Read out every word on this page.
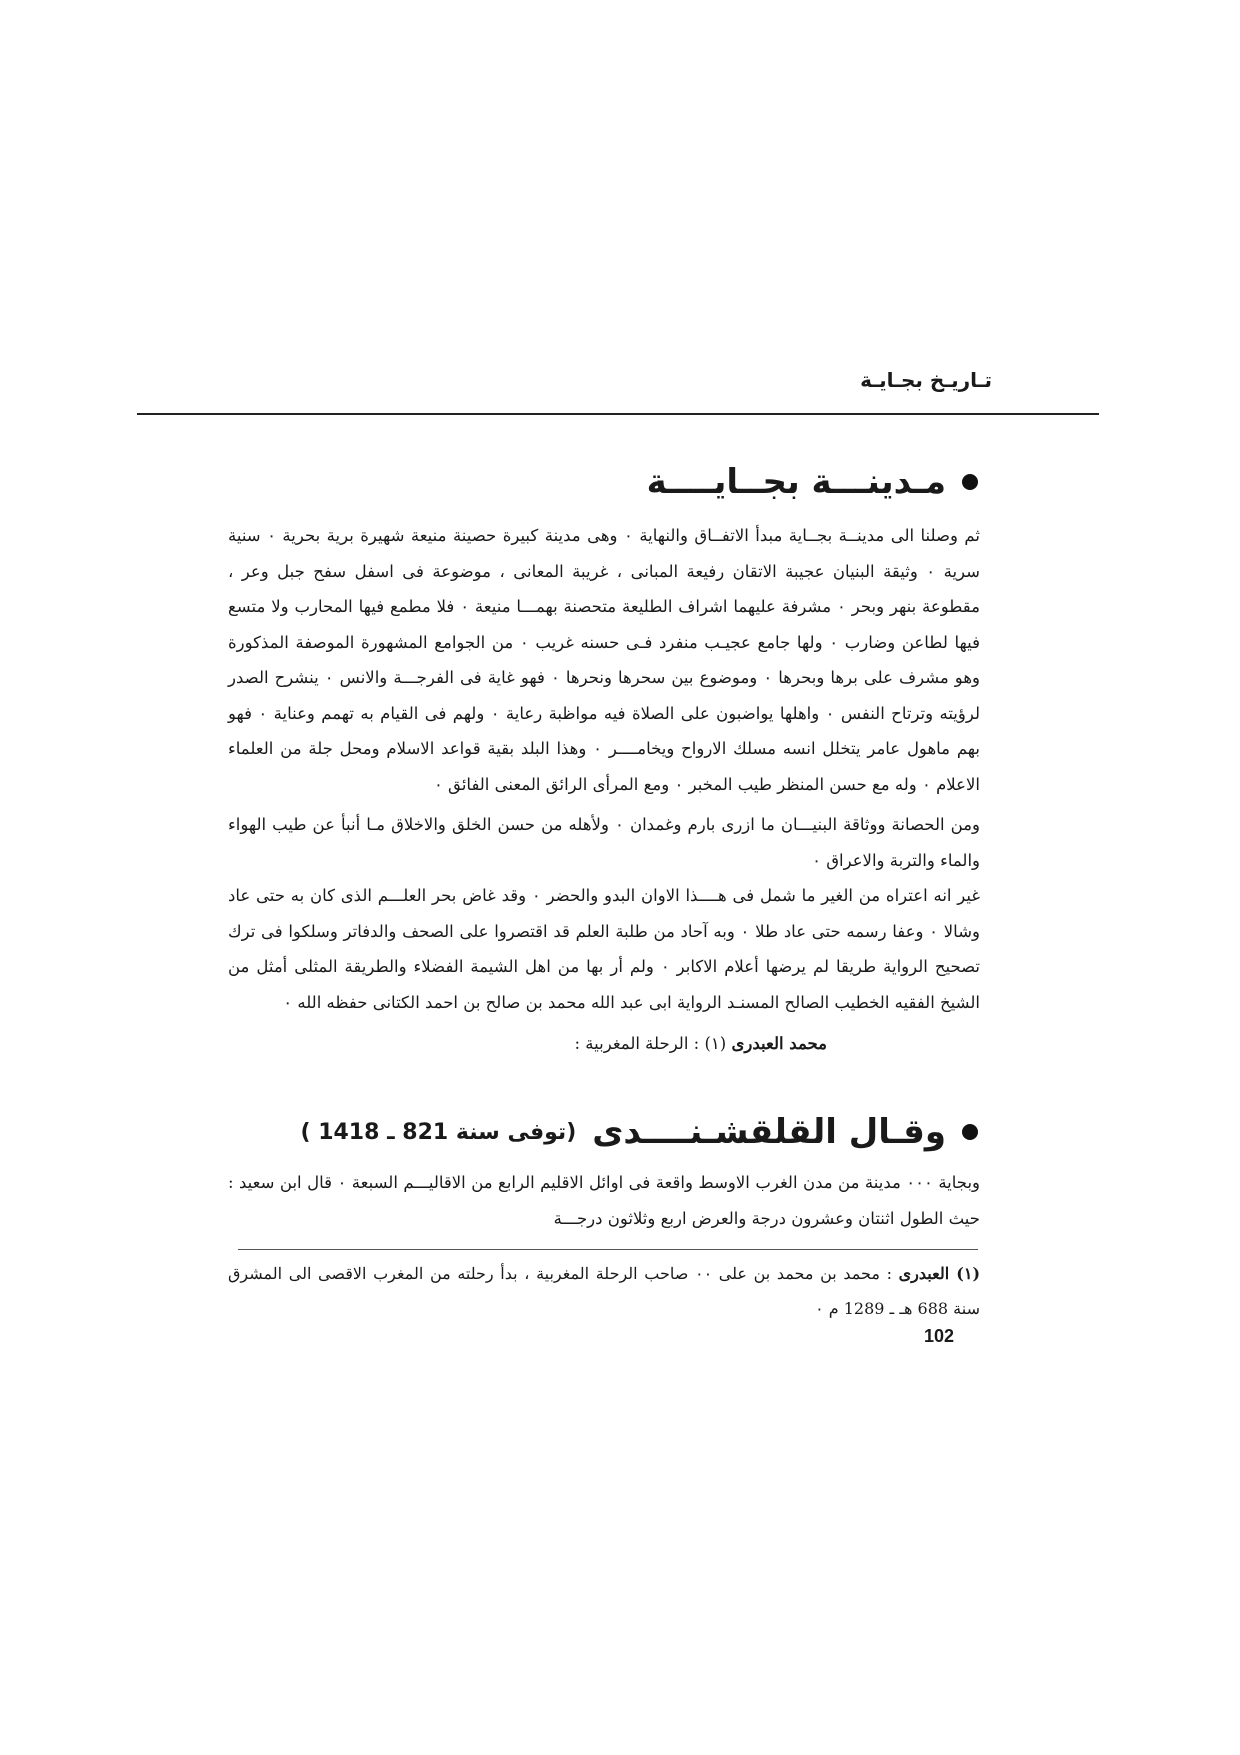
تـاريـخ بجـايـة
مـدينـــة بجــايــــة
ثم وصلنا الى مدينــة بجــاية مبدأ الاتفــاق والنهاية ٠ وهى مدينة كبيرة حصينة منيعة شهيرة برية بحرية ٠ سنية سرية ٠ وثيقة البنيان عجيبة الاتقان رفيعة المبانى ، غريبة المعانى ، موضوعة فى اسفل سفح جبل وعر ، مقطوعة بنهر وبحر ٠ مشرفة عليهما اشراف الطليعة متحصنة بهمـــا منيعة ٠ فلا مطمع فيها المحارب ولا متسع فيها لطاعن وضارب ٠ ولها جامع عجيـب منفرد فـى حسنه غريب ٠ من الجوامع المشهورة الموصفة المذكورة وهو مشرف على برها وبحرها ٠ وموضوع بين سحرها ونحرها ٠ فهو غاية فى الفرجـــة والانس ٠ ينشرح الصدر لرؤيته وترتاح النفس ٠ واهلها يواضبون على الصلاة فيه مواظبة رعاية ٠ ولهم فى القيام به تهمم وعناية ٠ فهو بهم ماهول عامر يتخلل انسه مسلك الارواح ويخامــــر ٠ وهذا البلد بقية قواعد الاسلام ومحل جلة من العلماء الاعلام ٠ وله مع حسن المنظر طيب المخبر ٠ ومع المرأى الرائق المعنى الفائق ٠
ومن الحصانة ووثاقة البنيـــان ما ازرى بارم وغمدان ٠ ولأهله من حسن الخلق والاخلاق مـا أنبأ عن طيب الهواء والماء والتربة والاعراق ٠
غير انه اعتراه من الغير ما شمل فى هــــذا الاوان البدو والحضر ٠ وقد غاض بحر العلـــم الذى كان به حتى عاد وشالا ٠ وعفا رسمه حتى عاد طلا ٠ وبه آحاد من طلبة العلم قد اقتصروا على الصحف والدفاتر وسلكوا فى ترك تصحيح الرواية طريقا لم يرضها أعلام الاكابر ٠ ولم أر بها من اهل الشيمة الفضلاء والطريقة المثلى أمثل من الشيخ الفقيه الخطيب الصالح المسنـد الرواية ابى عبد الله محمد بن صالح بن احمد الكتانى حفظه الله ٠
محمد العبدرى (١) : الرحلة المغربية :
وقـال القلقشـنــــدى
(توفى سنة 821 ـ 1418 )
وبجاية ٠٠٠ مدينة من مدن الغرب الاوسط واقعة فى اوائل الاقليم الرابع من الاقاليـــم السبعة ٠ قال ابن سعيد : حيث الطول اثنتان وعشرون درجة والعرض اربع وثلاثون درجـــة
(١) العبدرى : محمد بن محمد بن على ٠٠ صاحب الرحلة المغربية ، بدأ رحلته من المغرب الاقصى الى المشرق سنة 688 هـ ـ 1289 م ٠
102
